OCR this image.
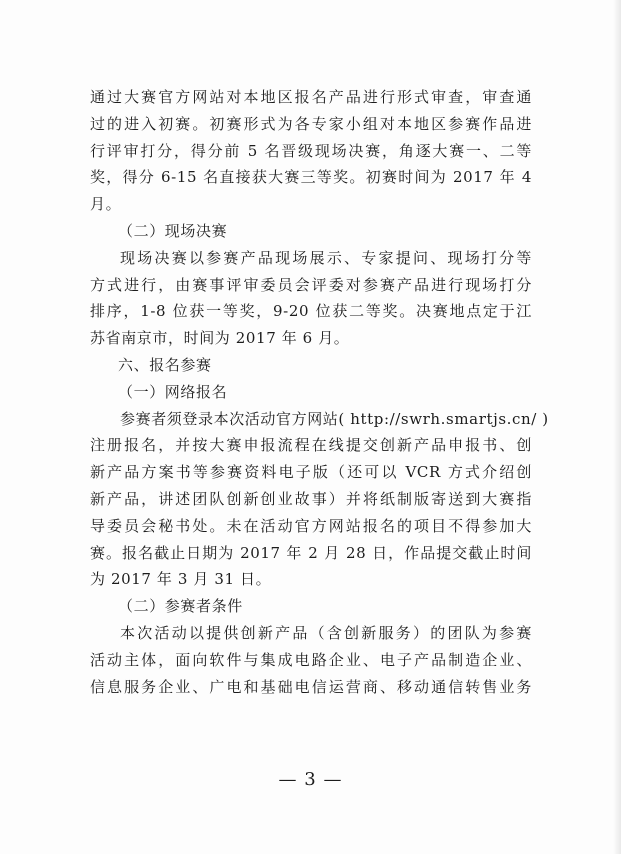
通过大赛官方网站对本地区报名产品进行形式审查，审查通
过的进入初赛。初赛形式为各专家小组对本地区参赛作品进
行评审打分，得分前 5 名晋级现场决赛，角逐大赛一、二等
奖，得分 6-15 名直接获大赛三等奖。初赛时间为 2017 年 4
月。
（二）现场决赛
现场决赛以参赛产品现场展示、专家提问、现场打分等
方式进行，由赛事评审委员会评委对参赛产品进行现场打分
排序，1-8 位获一等奖，9-20 位获二等奖。决赛地点定于江
苏省南京市，时间为 2017 年 6 月。
六、报名参赛
（一）网络报名
参赛者须登录本次活动官方网站( http://swrh.smartjs.cn/ )
注册报名，并按大赛申报流程在线提交创新产品申报书、创
新产品方案书等参赛资料电子版（还可以 VCR 方式介绍创
新产品，讲述团队创新创业故事）并将纸制版寄送到大赛指
导委员会秘书处。未在活动官方网站报名的项目不得参加大
赛。报名截止日期为 2017 年 2 月 28 日，作品提交截止时间
为 2017 年 3 月 31 日。
（二）参赛者条件
本次活动以提供创新产品（含创新服务）的团队为参赛
活动主体，面向软件与集成电路企业、电子产品制造企业、
信息服务企业、广电和基础电信运营商、移动通信转售业务
— 3 —
